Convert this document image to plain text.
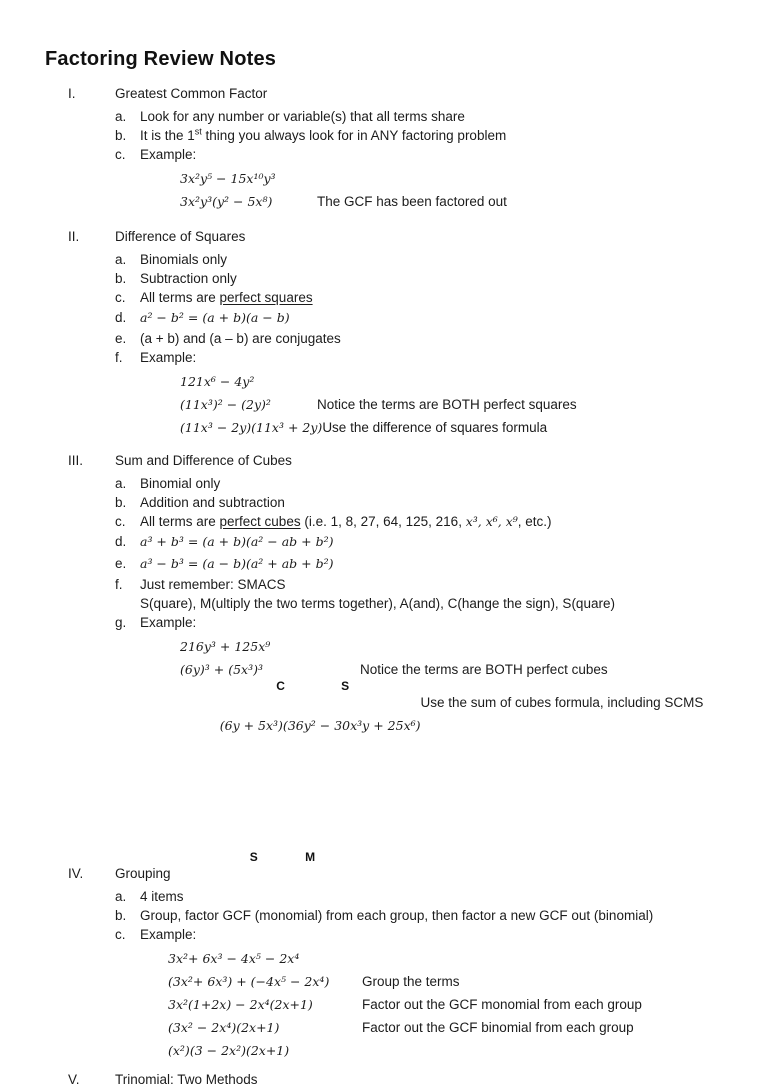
Factoring Review Notes
I.	Greatest Common Factor
a.	Look for any number or variable(s) that all terms share
b.	It is the 1st thing you always look for in ANY factoring problem
c.	Example:
3x²y⁵ − 15x¹⁰y³
3x²y³(y² − 5x⁸)	The GCF has been factored out
II.	Difference of Squares
a.	Binomials only
b.	Subtraction only
c.	All terms are perfect squares
d.	a² − b² = (a + b)(a − b)
e.	(a + b) and (a – b) are conjugates
f.	Example:
121x⁶ − 4y²
(11x³)² − (2y)²	Notice the terms are BOTH perfect squares
(11x³ − 2y)(11x³ + 2y) Use the difference of squares formula
III.	Sum and Difference of Cubes
a.	Binomial only
b.	Addition and subtraction
c.	All terms are perfect cubes (i.e. 1, 8, 27, 64, 125, 216, x³, x⁶, x⁹, etc.)
d.	a³ + b³ = (a + b)(a² − ab + b²)
e.	a³ − b³ = (a − b)(a² + ab + b²)
f.	Just remember: SMACS
S(quare), M(ultiply the two terms together), A(and), C(hange the sign), S(quare)
g.	Example:
216y³ + 125x⁹
(6y)³ + (5x³)³	Notice the terms are BOTH perfect cubes

(6y + 5x³)(36y² − 30x³y + 25x⁶)

S

C

M

S

Use the sum of cubes formula, including SCMS
IV.	Grouping
a.	4 items
b.	Group, factor GCF (monomial) from each group, then factor a new GCF out (binomial)
c.	Example:
3x²+ 6x³ − 4x⁵ − 2x⁴
(3x²+ 6x³) + (−4x⁵ − 2x⁴)	Group the terms
3x²(1+2x) − 2x⁴(2x+1)	Factor out the GCF monomial from each group
(3x² − 2x⁴)(2x+1)	Factor out the GCF binomial from each group
(x²)(3 − 2x²)(2x+1)
V.	Trinomial: Two Methods
